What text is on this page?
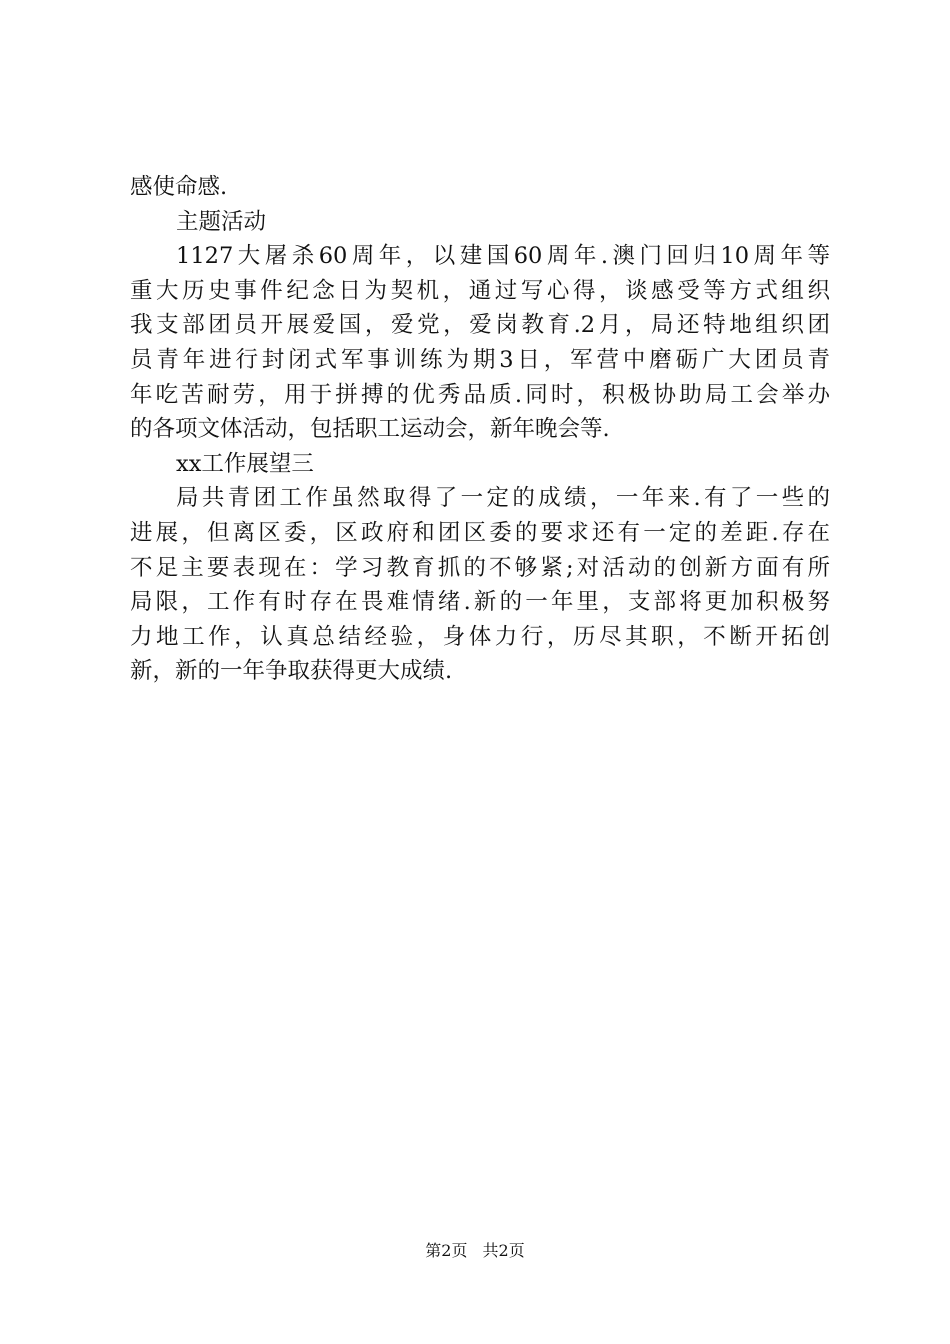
感使命感.
主题活动
1127大屠杀60周年，以建国60周年.澳门回归10周年等
重大历史事件纪念日为契机，通过写心得，谈感受等方式组织
我支部团员开展爱国，爱党，爱岗教育.2月，局还特地组织团
员青年进行封闭式军事训练为期3日，军营中磨砺广大团员青
年吃苦耐劳，用于拼搏的优秀品质.同时，积极协助局工会举办
的各项文体活动，包括职工运动会，新年晚会等.
xx工作展望三
局共青团工作虽然取得了一定的成绩，一年来.有了一些的
进展，但离区委，区政府和团区委的要求还有一定的差距.存在
不足主要表现在：学习教育抓的不够紧;对活动的创新方面有所
局限，工作有时存在畏难情绪.新的一年里，支部将更加积极努
力地工作，认真总结经验，身体力行，历尽其职，不断开拓创
新，新的一年争取获得更大成绩.
第2页 共2页
